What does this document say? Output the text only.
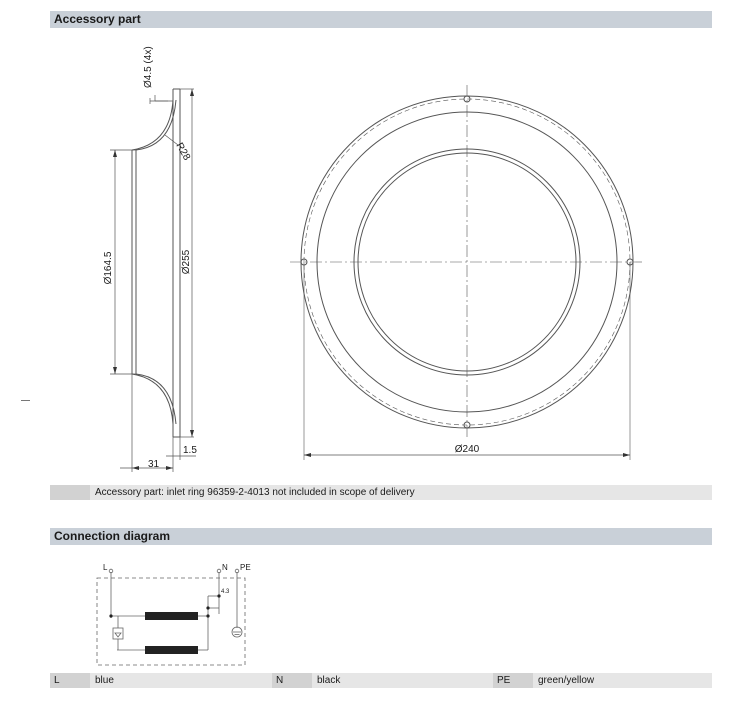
Accessory part
Ø4.5 (4x)
R28
Ø164.5	Ø255
31
1.5	Ø240
Accessory part: inlet ring 96359-2-4013 not included in scope of delivery
Connection diagram
L	N PE
4.3
L	blue	N	black	PE	green/yellow
